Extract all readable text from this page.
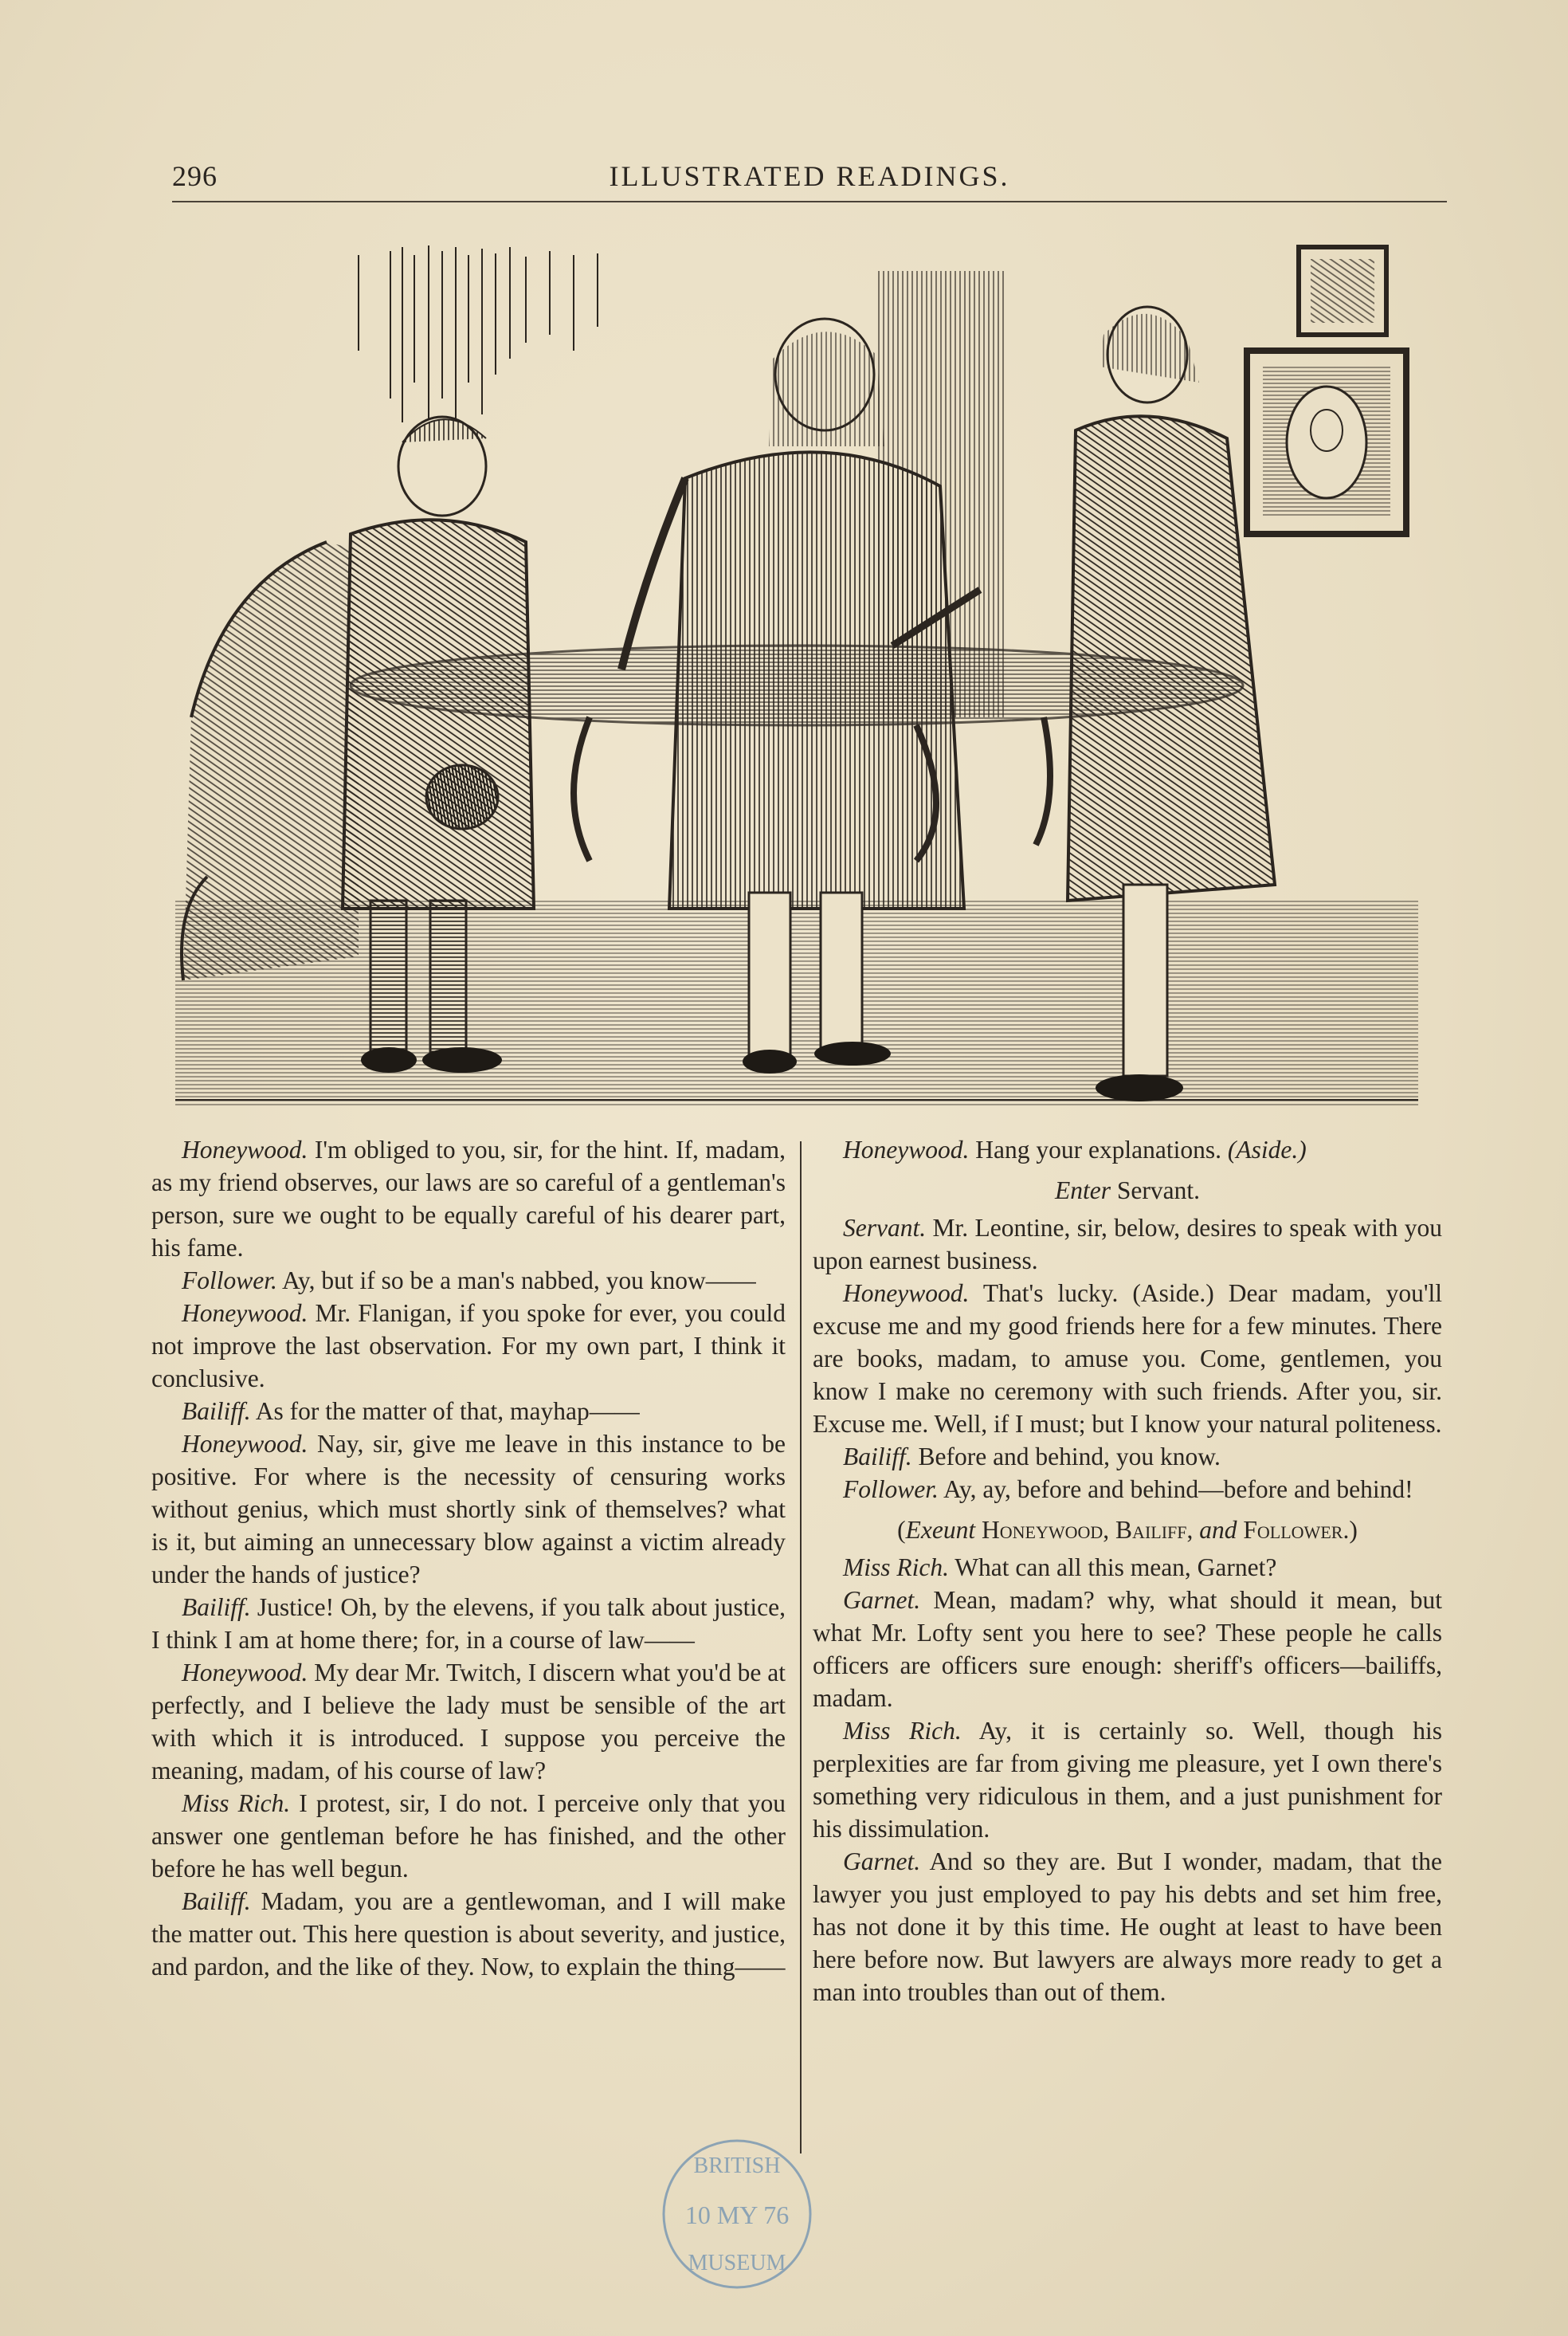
296	ILLUSTRATED READINGS.

Honeywood. I'm obliged to you, sir, for the hint. If, madam, as my friend observes, our laws are so careful of a gentleman's person, sure we ought to be equally careful of his dearer part, his fame.

Follower. Ay, but if so be a man's nabbed, you know——

Honeywood. Mr. Flanigan, if you spoke for ever, you could not improve the last observation. For my own part, I think it conclusive.

Bailiff. As for the matter of that, mayhap——

Honeywood. Nay, sir, give me leave in this instance to be positive. For where is the necessity of censuring works without genius, which must shortly sink of themselves? what is it, but aiming an unnecessary blow against a victim already under the hands of justice?

Bailiff. Justice! Oh, by the elevens, if you talk about justice, I think I am at home there; for, in a course of law——

Honeywood. My dear Mr. Twitch, I discern what you'd be at perfectly, and I believe the lady must be sensible of the art with which it is introduced. I suppose you perceive the meaning, madam, of his course of law?

Miss Rich. I protest, sir, I do not. I perceive only that you answer one gentleman before he has finished, and the other before he has well begun.

Bailiff. Madam, you are a gentlewoman, and I will make the matter out. This here question is about severity, and justice, and pardon, and the like of they. Now, to explain the thing——

Honeywood. Hang your explanations. (Aside.)

Enter Servant.

Servant. Mr. Leontine, sir, below, desires to speak with you upon earnest business.

Honeywood. That's lucky. (Aside.) Dear madam, you'll excuse me and my good friends here for a few minutes. There are books, madam, to amuse you. Come, gentlemen, you know I make no ceremony with such friends. After you, sir. Excuse me. Well, if I must; but I know your natural politeness.

Bailiff. Before and behind, you know.

Follower. Ay, ay, before and behind—before and behind!

(Exeunt Honeywood, Bailiff, and Follower.)

Miss Rich. What can all this mean, Garnet?

Garnet. Mean, madam? why, what should it mean, but what Mr. Lofty sent you here to see? These people he calls officers are officers sure enough: sheriff's officers—bailiffs, madam.

Miss Rich. Ay, it is certainly so. Well, though his perplexities are far from giving me pleasure, yet I own there's something very ridiculous in them, and a just punishment for his dissimulation.

Garnet. And so they are. But I wonder, madam, that the lawyer you just employed to pay his debts and set him free, has not done it by this time. He ought at least to have been here before now. But lawyers are always more ready to get a man into troubles than out of them.

BRITISH
10 MY 76
MUSEUM
